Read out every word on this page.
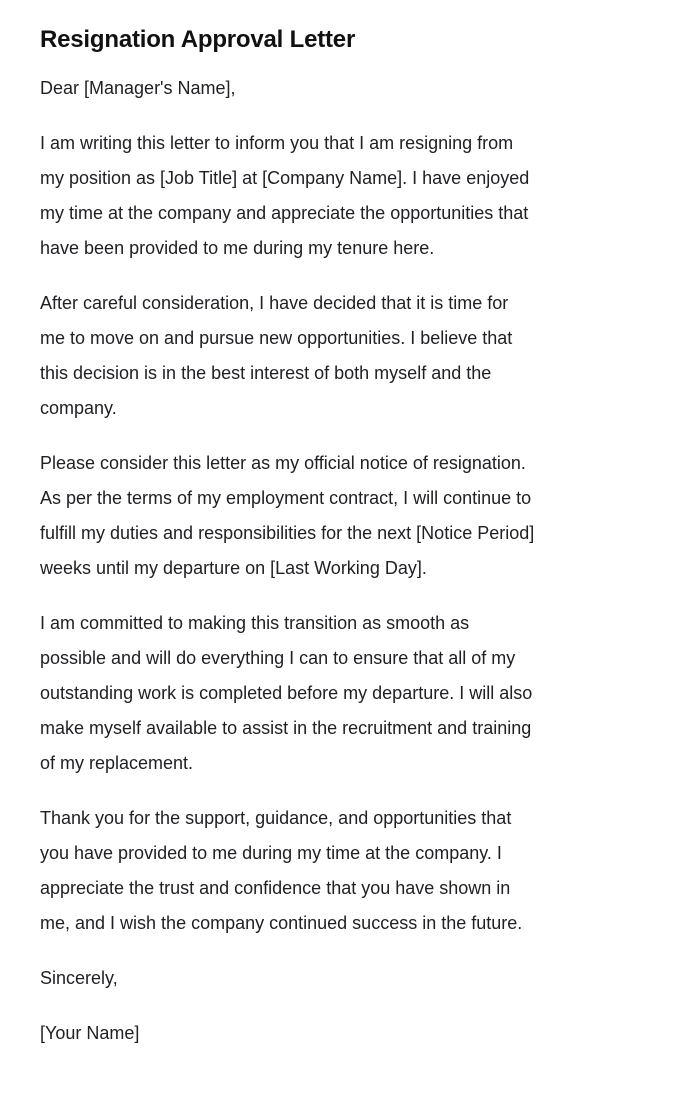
Resignation Approval Letter

Dear [Manager's Name],

I am writing this letter to inform you that I am resigning from
my position as [Job Title] at [Company Name]. I have enjoyed
my time at the company and appreciate the opportunities that
have been provided to me during my tenure here.
After careful consideration, I have decided that it is time for
me to move on and pursue new opportunities. I believe that
this decision is in the best interest of both myself and the
company.
Please consider this letter as my official notice of resignation.
As per the terms of my employment contract, I will continue to
fulfill my duties and responsibilities for the next [Notice Period]
weeks until my departure on [Last Working Day].
I am committed to making this transition as smooth as
possible and will do everything I can to ensure that all of my
outstanding work is completed before my departure. I will also
make myself available to assist in the recruitment and training
of my replacement.
Thank you for the support, guidance, and opportunities that
you have provided to me during my time at the company. I
appreciate the trust and confidence that you have shown in
me, and I wish the company continued success in the future.

Sincerely,

[Your Name]
